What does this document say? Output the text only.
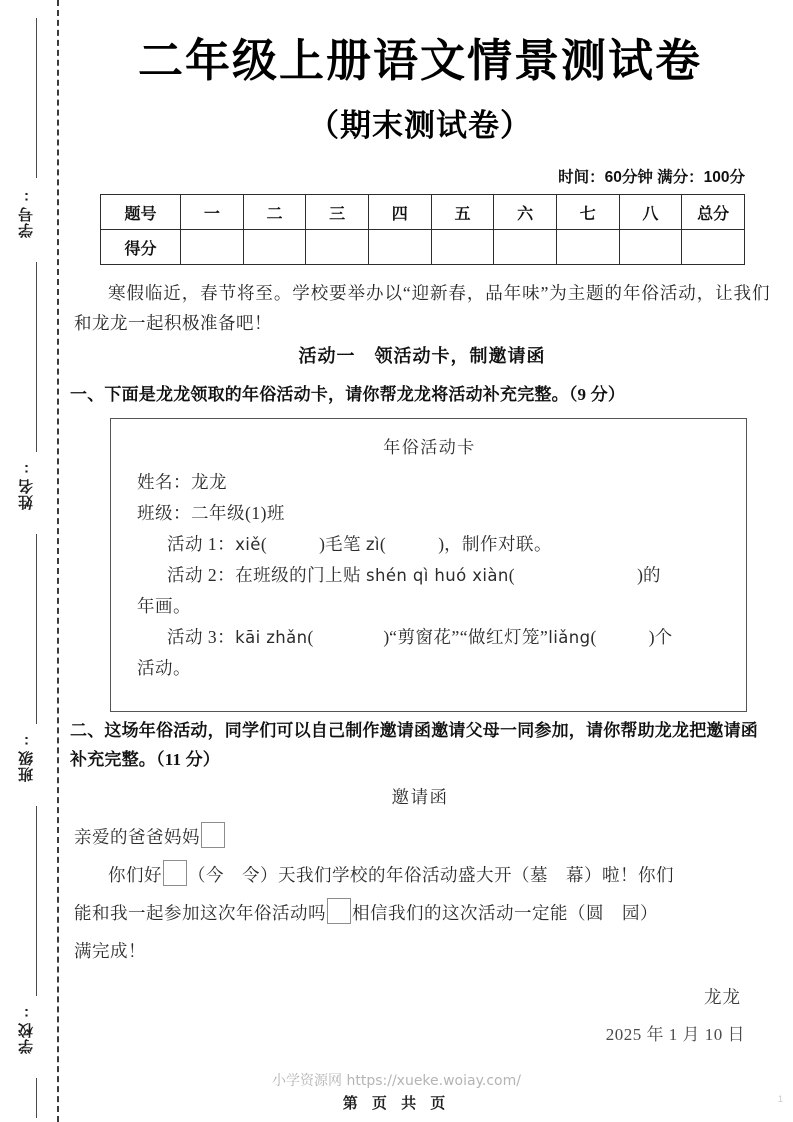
学号:
姓名:
班级:
学校:
二年级上册语文情景测试卷
（期末测试卷）
时间：60分钟 满分：100分
题号	一	二	三	四	五	六	七	八	总分
得分									
寒假临近，春节将至。学校要举办以“迎新春，品年味”为主题的年俗活动，让我们和龙龙一起积极准备吧！
活动一　领活动卡，制邀请函
一、下面是龙龙领取的年俗活动卡，请你帮龙龙将活动补充完整。（9 分）
年俗活动卡
姓名：龙龙
班级：二年级(1)班
活动 1：xiě(　　　)毛笔 zì(　　　)，制作对联。
活动 2：在班级的门上贴 shén qì huó xiàn(　　　　　　　)的
年画。
活动 3：kāi zhǎn(　　　　)“剪窗花”“做红灯笼”liǎng(　　　)个
活动。
二、这场年俗活动，同学们可以自己制作邀请函邀请父母一同参加，请你帮助龙龙把邀请函补充完整。（11 分）
邀请函
亲爱的爸爸妈妈
你们好 （今　令）天我们学校的年俗活动盛大开（墓　幕）啦！你们
能和我一起参加这次年俗活动吗 相信我们的这次活动一定能（圆　园）
满完成！
龙龙
2025 年 1 月 10 日
小学资源网 https://xueke.woiay.com/
第 页 共 页	1
